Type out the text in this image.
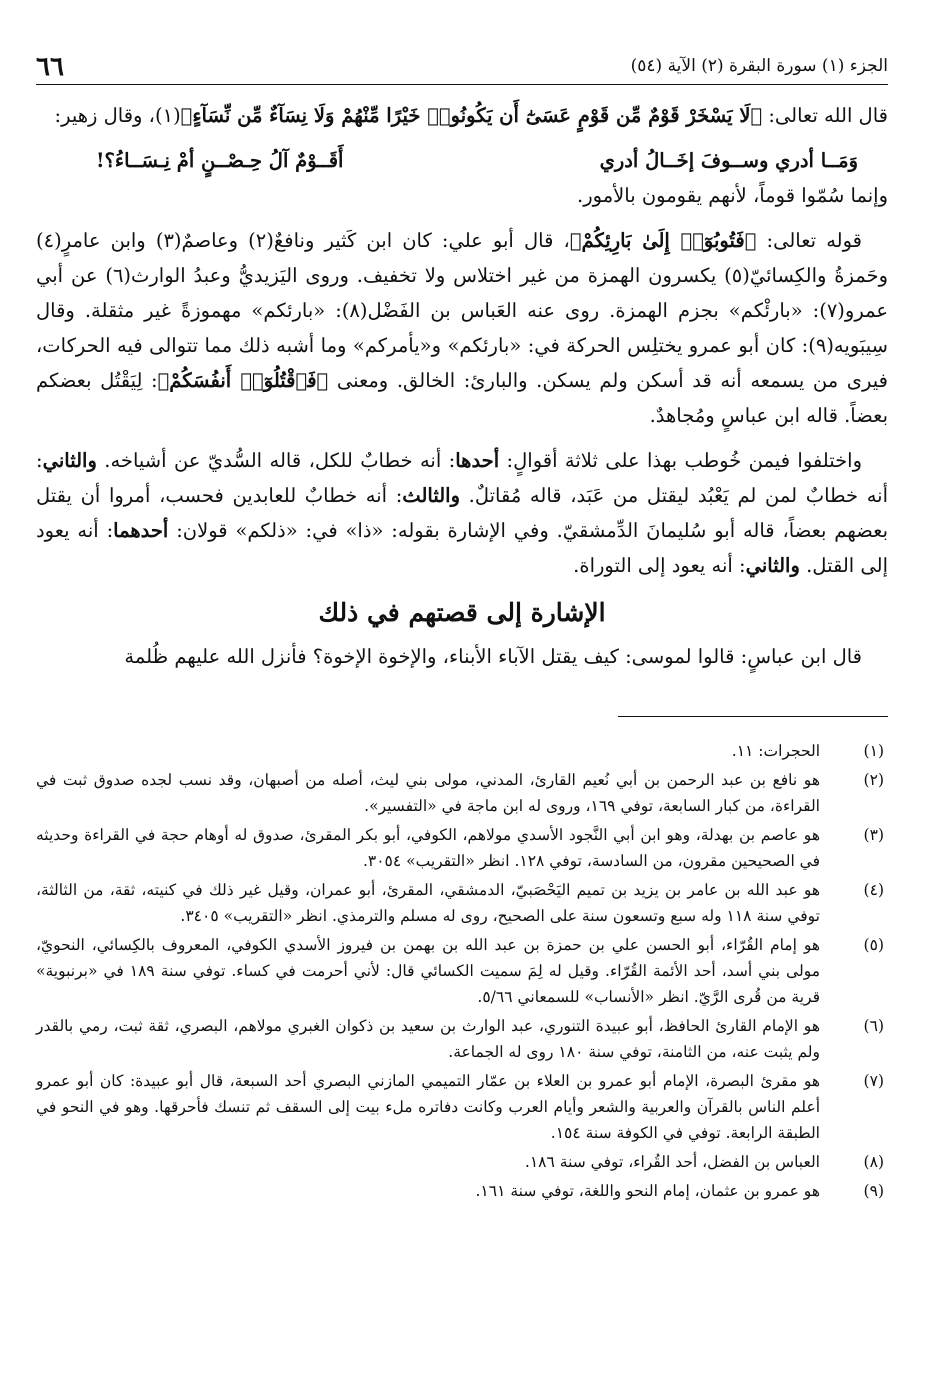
٦٦	الجزء (١) سورة البقرة (٢) الآية (٥٤)

قال الله تعالى: ﴿لَا يَسْخَرْ قَوْمٌ مِّن قَوْمٍ عَسَىٰٓ أَن يَكُونُوا۟ خَيْرًا مِّنْهُمْ وَلَا نِسَآءٌ مِّن نِّسَآءٍ﴾(١)، وقال زهير:

وَمَــا أدري وســوفَ إخَــالُ أدري
أَقَــوْمٌ آلُ حِـصْــنٍ أمْ نِـسَــاءُ؟!

وإنما سُمّوا قوماً، لأنهم يقومون بالأمور.

قوله تعالى: ﴿فَتُوبُوٓا۟ إِلَىٰ بَارِئِكُمْ﴾، قال أبو علي: كان ابن كَثير ونافعٌ(٢) وعاصمٌ(٣) وابن عامرٍ(٤) وحَمزةُ والكِسائيّ(٥) يكسرون الهمزة من غير اختلاس ولا تخفيف. وروى اليَزيديُّ وعبدُ الوارث(٦) عن أبي عمرو(٧): «بارئْكم» بجزم الهمزة. روى عنه العَباس بن الفَضْل(٨): «بارئكم» مهموزةً غير مثقلة. وقال سِيبَويه(٩): كان أبو عمرو يختلِس الحركة في: «بارئكم» و«يأمركم» وما أشبه ذلك مما تتوالى فيه الحركات، فيرى من يسمعه أنه قد أسكن ولم يسكن. والبارئ: الخالق. ومعنى ﴿فَٱقْتُلُوٓا۟ أَنفُسَكُمْ﴾: لِيَقْتُل بعضكم بعضاً. قاله ابن عباسٍ ومُجاهدٌ.

واختلفوا فيمن خُوطب بهذا على ثلاثة أقوالٍ: أحدها: أنه خطابٌ للكل، قاله السُّديّ عن أشياخه. والثاني: أنه خطابٌ لمن لم يَعْبُد ليقتل من عَبَد، قاله مُقاتلٌ. والثالث: أنه خطابٌ للعابدين فحسب، أمروا أن يقتل بعضهم بعضاً، قاله أبو سُليمانَ الدِّمشقيّ. وفي الإشارة بقوله: «ذا» في: «ذلكم» قولان: أحدهما: أنه يعود إلى القتل. والثاني: أنه يعود إلى التوراة.

الإشارة إلى قصتهم في ذلك

قال ابن عباسٍ: قالوا لموسى: كيف يقتل الآباء الأبناء، والإخوة الإخوة؟ فأنزل الله عليهم ظُلمة

(١)
الحجرات: ١١.
(٢)
هو نافع بن عبد الرحمن بن أبي نُعيم القارئ، المدني، مولى بني ليث، أصله من أصبهان، وقد نسب لجده صدوق ثبت في القراءة، من كبار السابعة، توفي ١٦٩، وروى له ابن ماجة في «التفسير».
(٣)
هو عاصم بن بهدلة، وهو ابن أبي النَّجود الأسدي مولاهم، الكوفي، أبو بكر المقرئ، صدوق له أوهام حجة في القراءة وحديثه في الصحيحين مقرون، من السادسة، توفي ١٢٨. انظر «التقريب» ٣٠٥٤.
(٤)
هو عبد الله بن عامر بن يزيد بن تميم اليَحْصَبيّ، الدمشقي، المقرئ، أبو عمران، وقيل غير ذلك في كنيته، ثقة، من الثالثة، توفي سنة ١١٨ وله سبع وتسعون سنة على الصحيح، روى له مسلم والترمذي. انظر «التقريب» ٣٤٠٥.
(٥)
هو إمام القُرّاء، أبو الحسن علي بن حمزة بن عبد الله بن بهمن بن فيروز الأسدي الكوفي، المعروف بالكِسائي، النحويّ، مولى بني أسد، أحد الأئمة القُرّاء. وقيل له لِمَ سميت الكسائي قال: لأني أحرمت في كساء. توفي سنة ١٨٩ في «برنبوية» قرية من قُرى الرَّيّ. انظر «الأنساب» للسمعاني ٥/٦٦.
(٦)
هو الإمام القارئ الحافظ، أبو عبيدة التنوري، عبد الوارث بن سعيد بن ذكوان الغبري مولاهم، البصري، ثقة ثبت، رمي بالقدر ولم يثبت عنه، من الثامنة، توفي سنة ١٨٠ روى له الجماعة.
(٧)
هو مقرئ البصرة، الإمام أبو عمرو بن العلاء بن عمّار التميمي المازني البصري أحد السبعة، قال أبو عبيدة: كان أبو عمرو أعلم الناس بالقرآن والعربية والشعر وأيام العرب وكانت دفاتره ملء بيت إلى السقف ثم تنسك فأحرقها. وهو في النحو في الطبقة الرابعة. توفي في الكوفة سنة ١٥٤.
(٨)
العباس بن الفضل، أحد القُراء، توفي سنة ١٨٦.
(٩)
هو عمرو بن عثمان، إمام النحو واللغة، توفي سنة ١٦١.
